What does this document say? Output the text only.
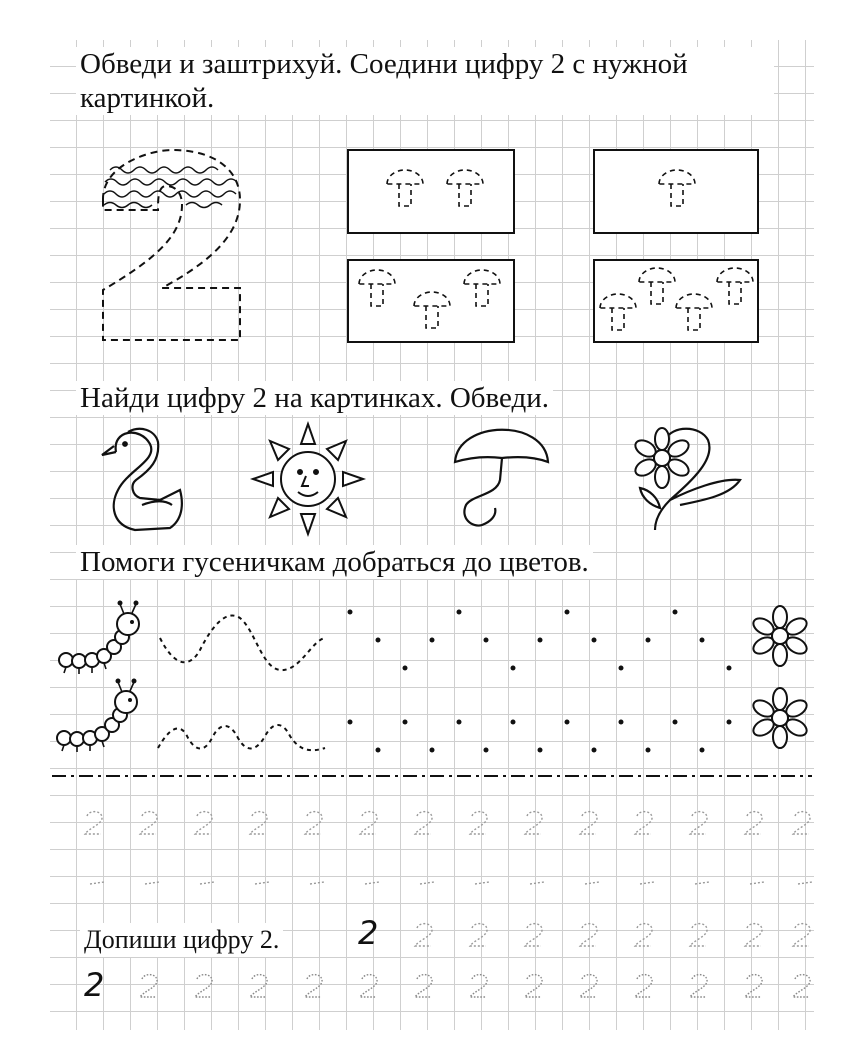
Обведи и заштрихуй. Соедини цифру 2 с нужной картинкой.
Найди цифру 2 на картинках. Обведи.
Помоги гусеничкам добраться до цветов.
Допиши цифру 2. 2
2
